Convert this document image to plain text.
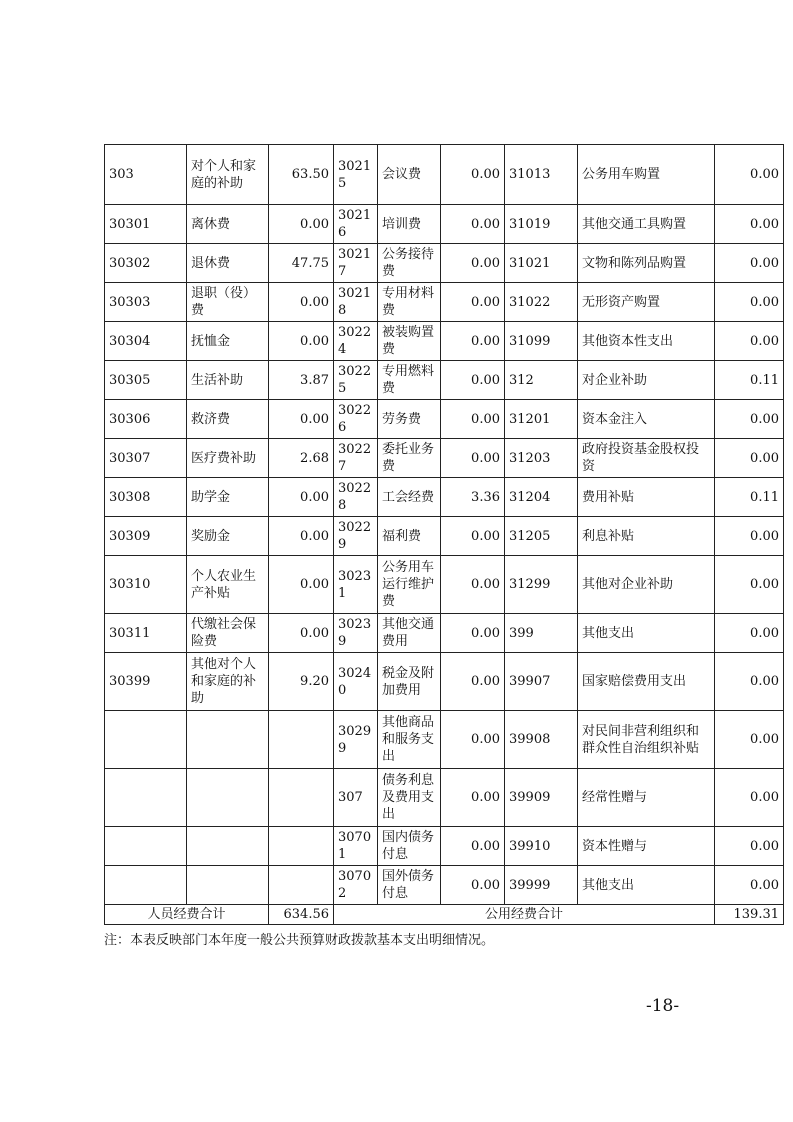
303	对个人和家庭的补助	63.50	30215	会议费	0.00	31013	公务用车购置	0.00
30301	离休费	0.00	30216	培训费	0.00	31019	其他交通工具购置	0.00
30302	退休费	47.75	30217	公务接待费	0.00	31021	文物和陈列品购置	0.00
30303	退职（役）费	0.00	30218	专用材料费	0.00	31022	无形资产购置	0.00
30304	抚恤金	0.00	30224	被装购置费	0.00	31099	其他资本性支出	0.00
30305	生活补助	3.87	30225	专用燃料费	0.00	312	对企业补助	0.11
30306	救济费	0.00	30226	劳务费	0.00	31201	资本金注入	0.00
30307	医疗费补助	2.68	30227	委托业务费	0.00	31203	政府投资基金股权投资	0.00
30308	助学金	0.00	30228	工会经费	3.36	31204	费用补贴	0.11
30309	奖励金	0.00	30229	福利费	0.00	31205	利息补贴	0.00
30310	个人农业生产补贴	0.00	30231	公务用车运行维护费	0.00	31299	其他对企业补助	0.00
30311	代缴社会保险费	0.00	30239	其他交通费用	0.00	399	其他支出	0.00
30399	其他对个人和家庭的补助	9.20	30240	税金及附加费用	0.00	39907	国家赔偿费用支出	0.00
			30299	其他商品和服务支出	0.00	39908	对民间非营利组织和群众性自治组织补贴	0.00
			307	债务利息及费用支出	0.00	39909	经常性赠与	0.00
			30701	国内债务付息	0.00	39910	资本性赠与	0.00
			30702	国外债务付息	0.00	39999	其他支出	0.00
人员经费合计		634.56	公用经费合计					139.31
注：本表反映部门本年度一般公共预算财政拨款基本支出明细情况。
-18-
